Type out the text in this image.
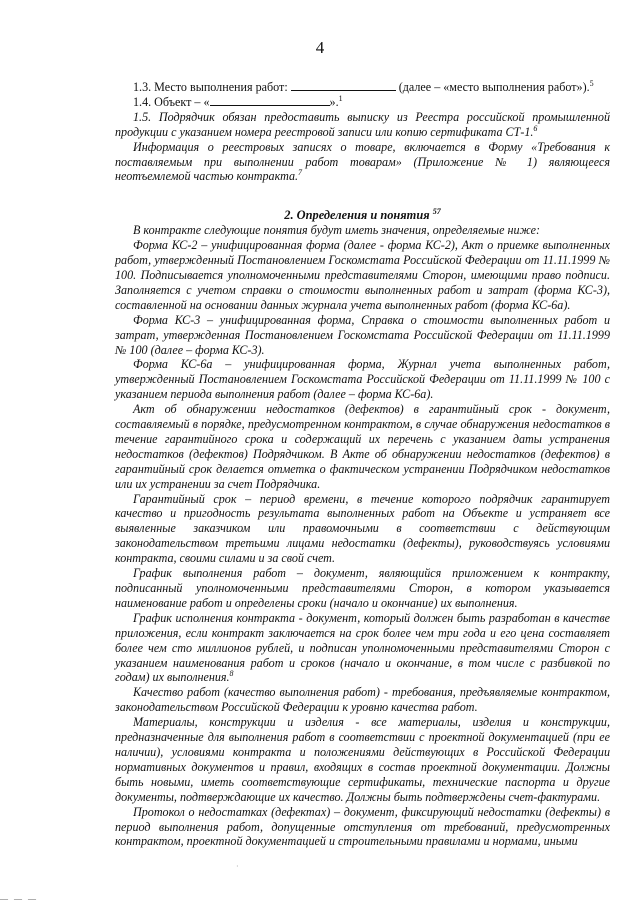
4

1.3. Место выполнения работ:	(далее – «место выполнения работ»).$^5$

1.4. Объект – «	».$^1$

1.5. Подрядчик обязан предоставить выписку из Реестра российской промышленной продукции с указанием номера реестровой записи или копию сертификата СТ-1.$^6$

Информация о реестровых записях о товаре, включается в Форму «Требования к поставляемым при выполнении работ товарам» (Приложение № 1) являющееся неотъемлемой частью контракта.$^7$

2. Определения и понятия $^{57}$

В контракте следующие понятия будут иметь значения, определяемые ниже:

Форма КС-2 – унифицированная форма (далее - форма КС-2), Акт о приемке выполненных работ, утвержденный Постановлением Госкомстата Российской Федерации от 11.11.1999 № 100. Подписывается уполномоченными представителями Сторон, имеющими право подписи. Заполняется с учетом справки о стоимости выполненных работ и затрат (форма КС-3), составленной на основании данных журнала учета выполненных работ (форма КС-6а).

Форма КС-3 – унифицированная форма, Справка о стоимости выполненных работ и затрат, утвержденная Постановлением Госкомстата Российской Федерации от 11.11.1999 № 100 (далее – форма КС-3).

Форма КС-6а – унифицированная форма, Журнал учета выполненных работ, утвержденный Постановлением Госкомстата Российской Федерации от 11.11.1999 № 100 с указанием периода выполнения работ (далее – форма КС-6а).

Акт об обнаружении недостатков (дефектов) в гарантийный срок - документ, составляемый в порядке, предусмотренном контрактом, в случае обнаружения недостатков в течение гарантийного срока и содержащий их перечень с указанием даты устранения недостатков (дефектов) Подрядчиком. В Акте об обнаружении недостатков (дефектов) в гарантийный срок делается отметка о фактическом устранении Подрядчиком недостатков или их устранении за счет Подрядчика.

Гарантийный срок – период времени, в течение которого подрядчик гарантирует качество и пригодность результата выполненных работ на Объекте и устраняет все выявленные заказчиком или правомочными в соответствии с действующим законодательством третьими лицами недостатки (дефекты), руководствуясь условиями контракта, своими силами и за свой счет.

График выполнения работ – документ, являющийся приложением к контракту, подписанный уполномоченными представителями Сторон, в котором указывается наименование работ и определены сроки (начало и окончание) их выполнения.

График исполнения контракта - документ, который должен быть разработан в качестве приложения, если контракт заключается на срок более чем три года и его цена составляет более чем сто миллионов рублей, и подписан уполномоченными представителями Сторон с указанием наименования работ и сроков (начало и окончание, в том числе с разбивкой по годам) их выполнения.$^8$

Качество работ (качество выполнения работ) - требования, предъявляемые контрактом, законодательством Российской Федерации к уровню качества работ.

Материалы, конструкции и изделия - все материалы, изделия и конструкции, предназначенные для выполнения работ в соответствии с проектной документацией (при ее наличии), условиями контракта и положениями действующих в Российской Федерации нормативных документов и правил, входящих в состав проектной документации. Должны быть новыми, иметь соответствующие сертификаты, технические паспорта и другие документы, подтверждающие их качество. Должны быть подтверждены счет-фактурами.

Протокол о недостатках (дефектах) – документ, фиксирующий недостатки (дефекты) в период выполнения работ, допущенные отступления от требований, предусмотренных контрактом, проектной документацией и строительными правилами и нормами, иными

·
— — —
